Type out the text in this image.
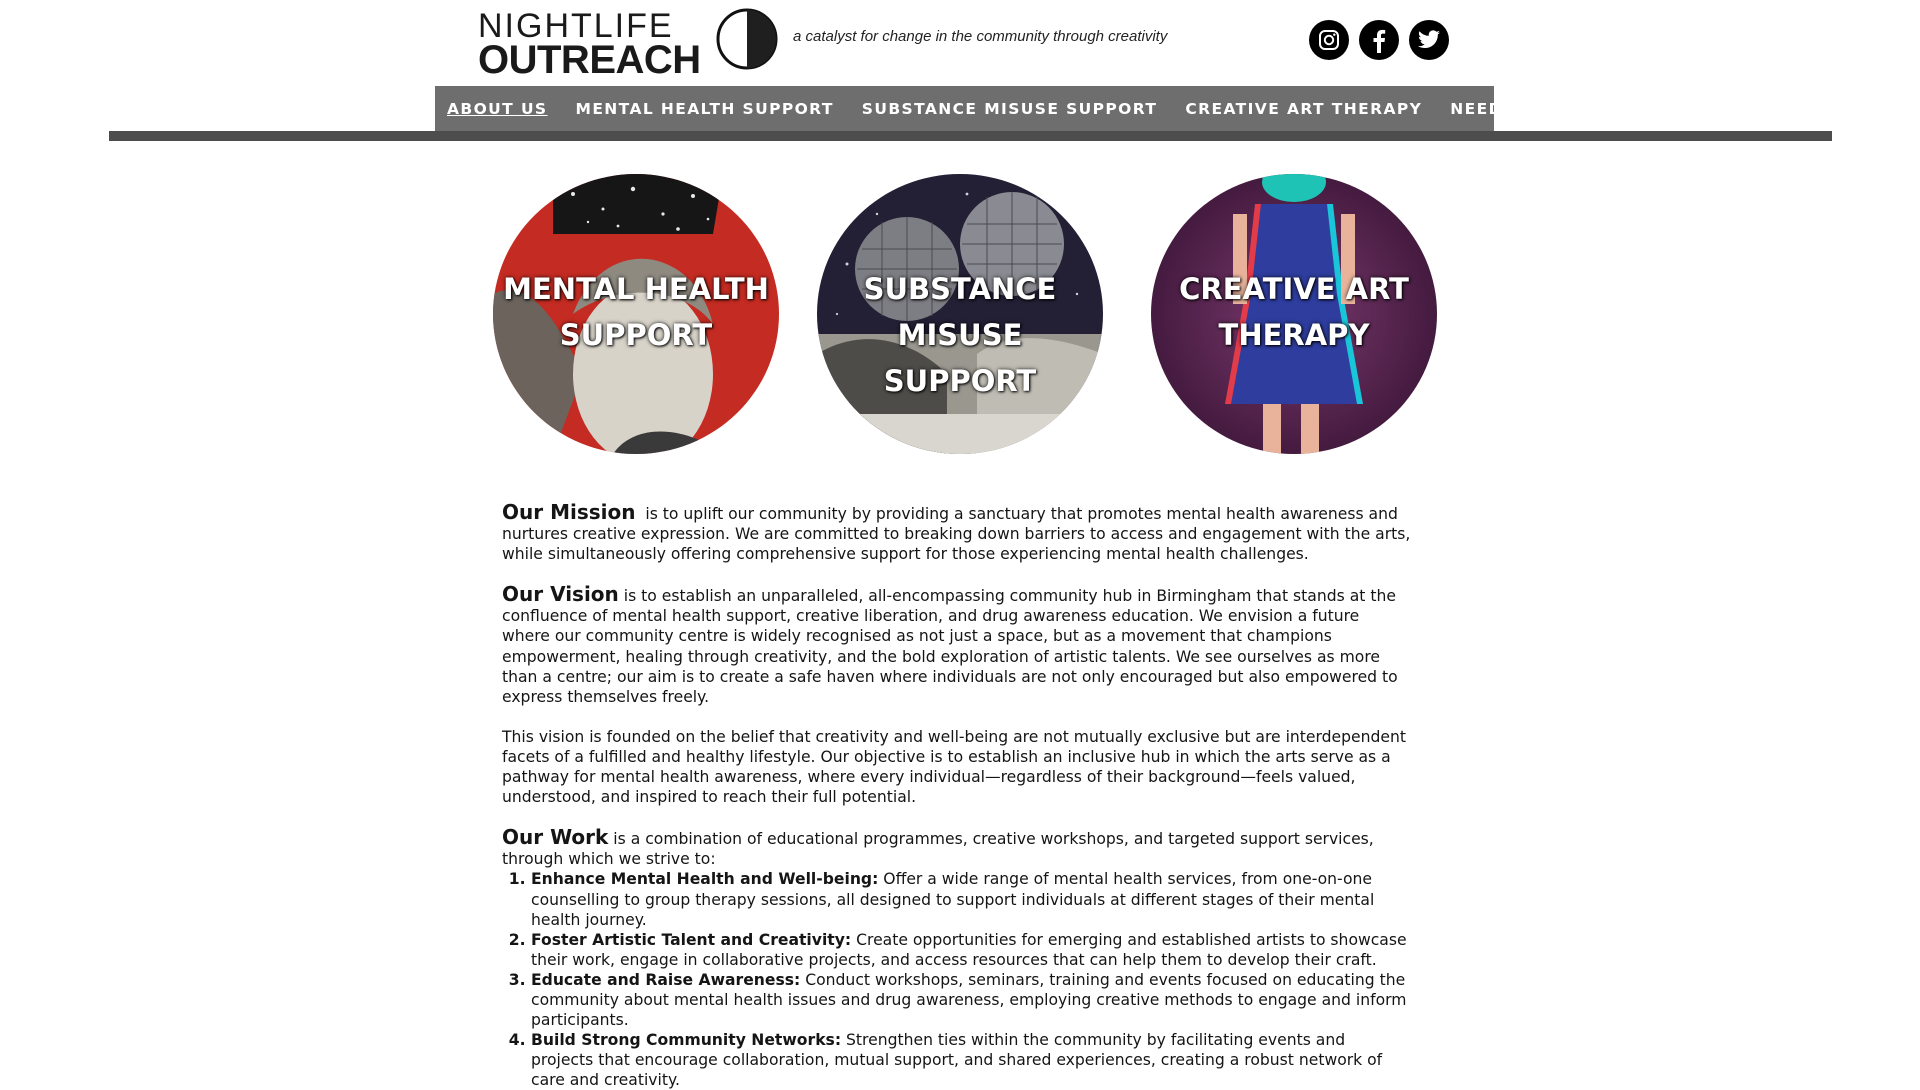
NIGHTLIFE
OUTREACH
a catalyst for change in the community through creativity
ABOUT US	MENTAL HEALTH SUPPORT	SUBSTANCE MISUSE SUPPORT	CREATIVE ART THERAPY	NEED HELP ?
MENTAL HEALTH
SUPPORT
SUBSTANCE
MISUSE SUPPORT
CREATIVE ART
THERAPY

Our Mission  is to uplift our community by providing a sanctuary that promotes mental health awareness and nurtures creative expression. We are committed to breaking down barriers to access and engagement with the arts, while simultaneously offering comprehensive support for those experiencing mental health challenges.

Our Vision is to establish an unparalleled, all-encompassing community hub in Birmingham that stands at the confluence of mental health support, creative liberation, and drug awareness education. We envision a future where our community centre is widely recognised as not just a space, but as a movement that champions empowerment, healing through creativity, and the bold exploration of artistic talents. We see ourselves as more than a centre; our aim is to create a safe haven where individuals are not only encouraged but also empowered to express themselves freely.

This vision is founded on the belief that creativity and well-being are not mutually exclusive but are interdependent facets of a fulfilled and healthy lifestyle. Our objective is to establish an inclusive hub in which the arts serve as a pathway for mental health awareness, where every individual—regardless of their background—feels valued, understood, and inspired to reach their full potential.

Our Work is a combination of educational programmes, creative workshops, and targeted support services, through which we strive to:
1. Enhance Mental Health and Well-being: Offer a wide range of mental health services, from one-on-one counselling to group therapy sessions, all designed to support individuals at different stages of their mental health journey.
2. Foster Artistic Talent and Creativity: Create opportunities for emerging and established artists to showcase their work, engage in collaborative projects, and access resources that can help them to develop their craft.
3. Educate and Raise Awareness: Conduct workshops, seminars, training and events focused on educating the community about mental health issues and drug awareness, employing creative methods to engage and inform participants.
4. Build Strong Community Networks: Strengthen ties within the community by facilitating events and projects that encourage collaboration, mutual support, and shared experiences, creating a robust network of care and creativity.
